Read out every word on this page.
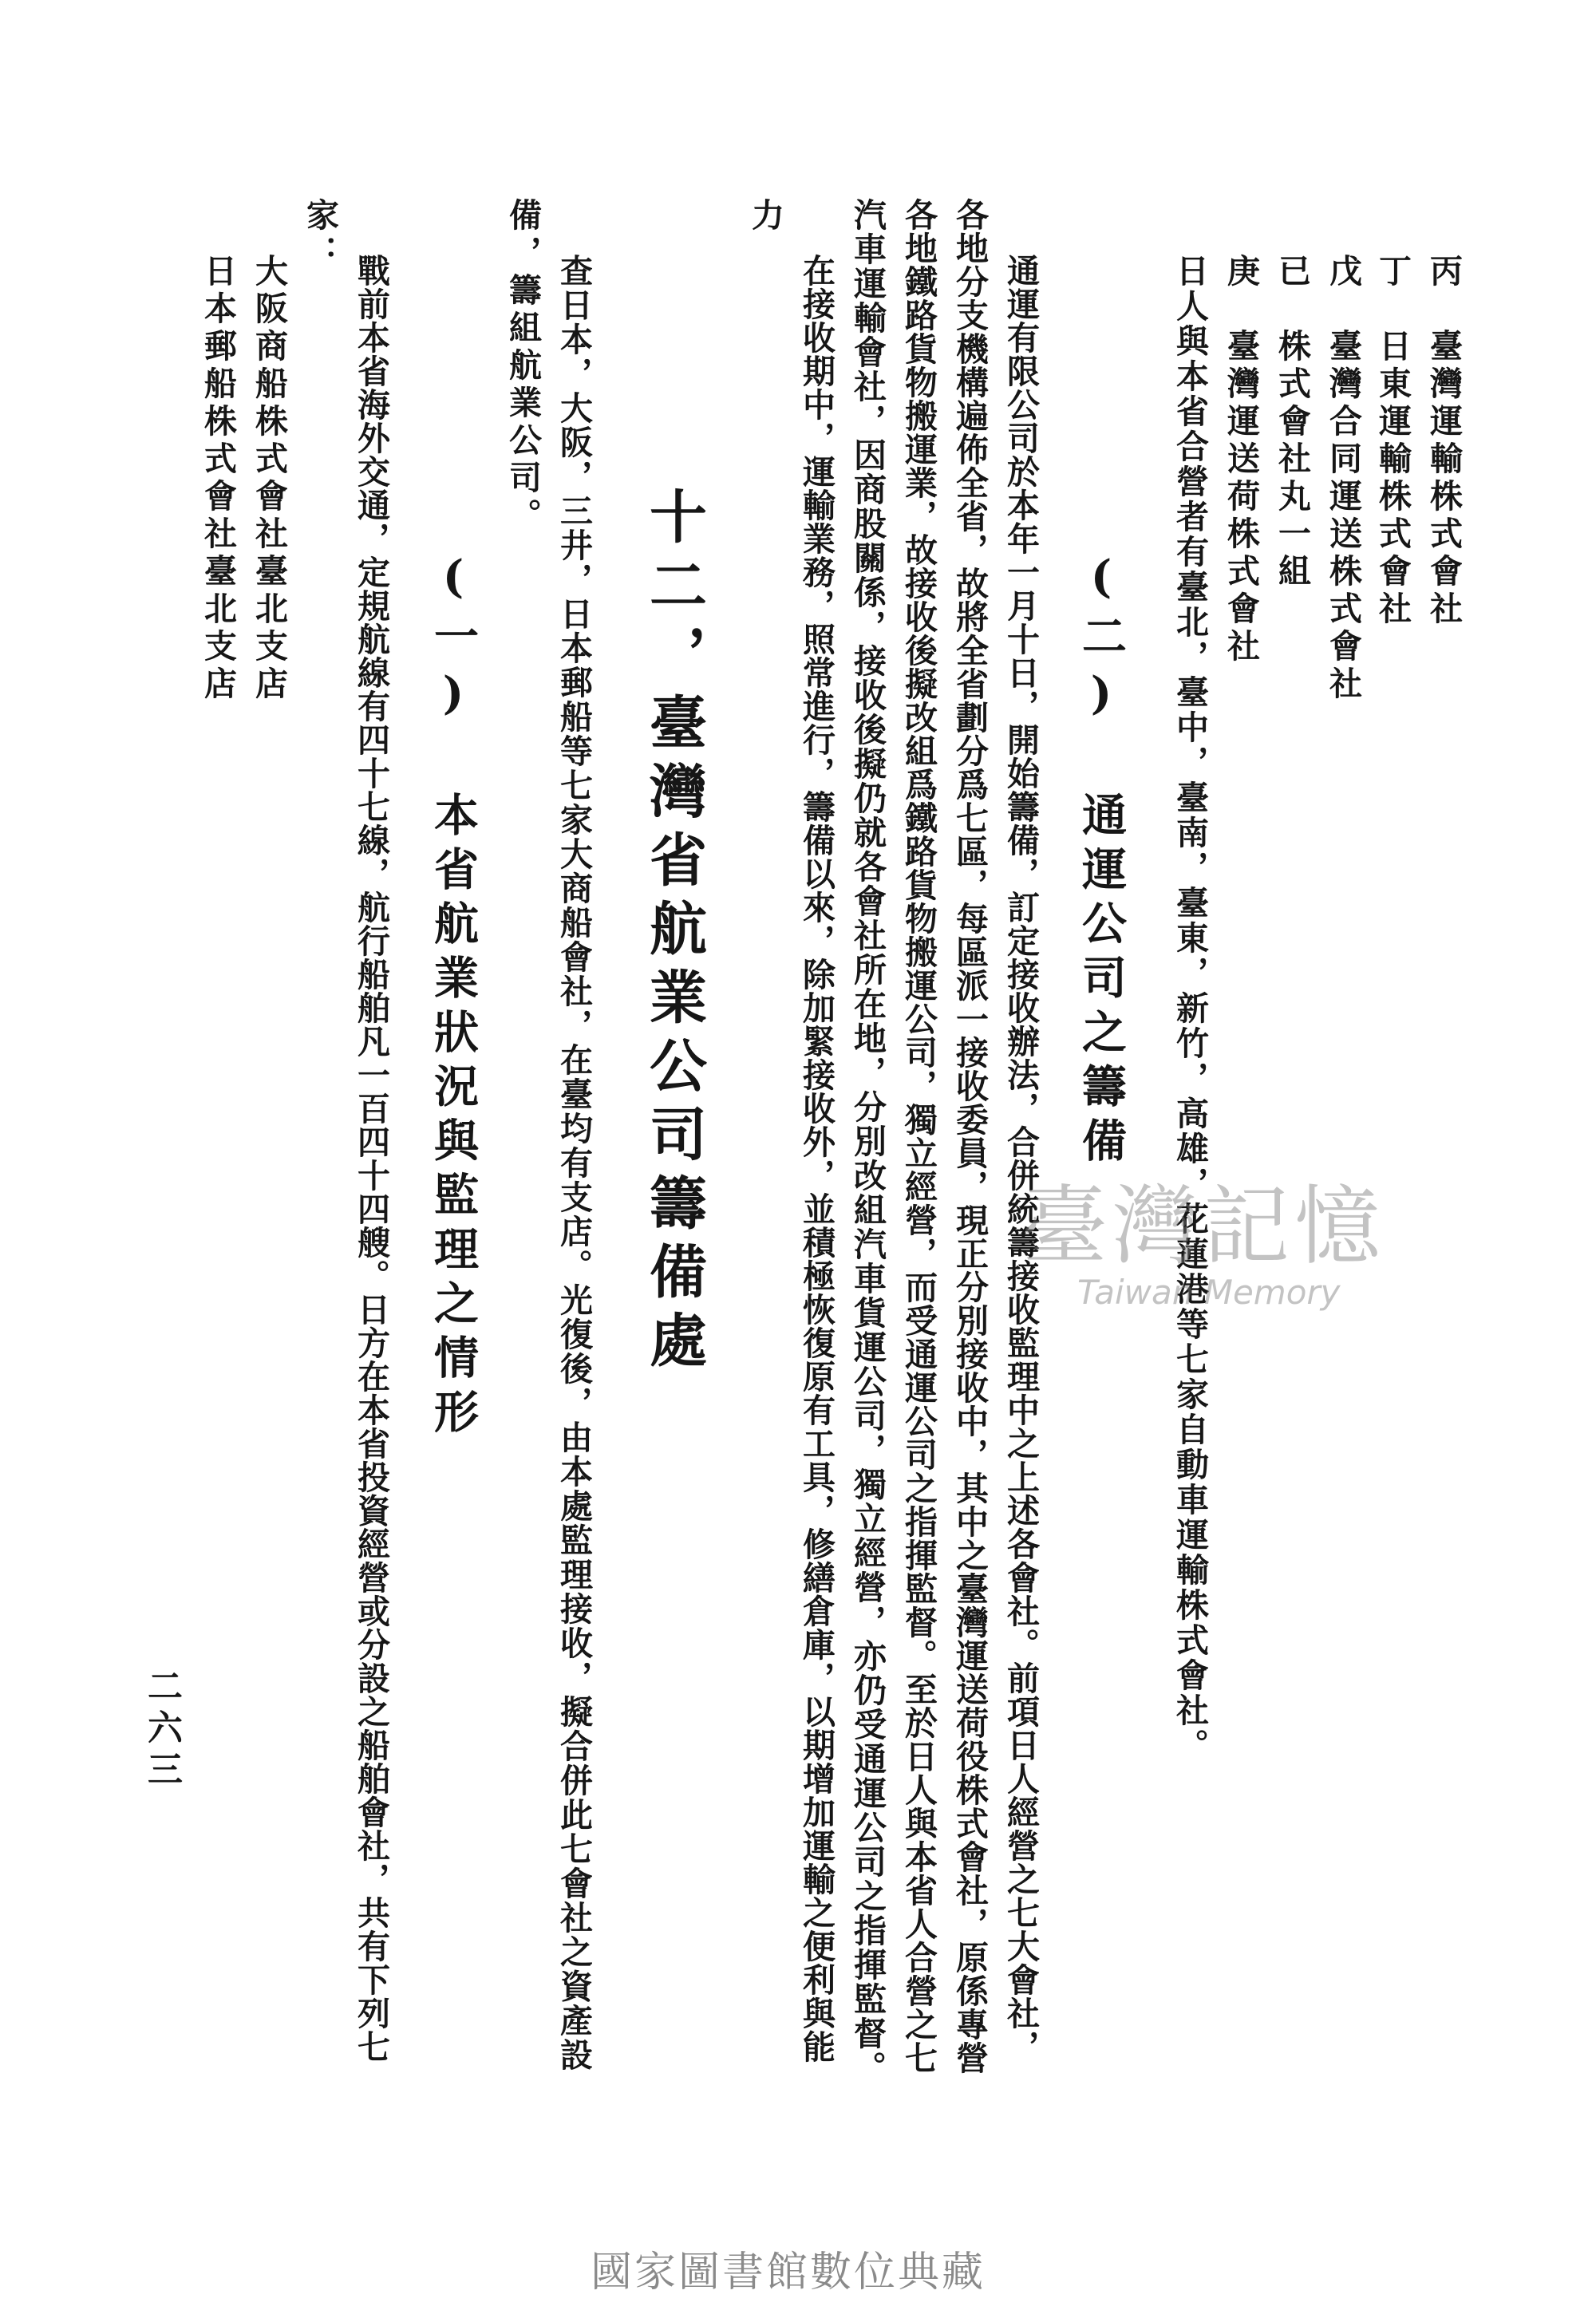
丙　臺灣運輸株式會社
丁　日東運輸株式會社
戊　臺灣合同運送株式會社
已　株式會社丸一組
庚　臺灣運送荷株式會社
日人與本省合營者有臺北，臺中，臺南，臺東，新竹，高雄，花蓮港等七家自動車運輸株式會社。
(二) 通運公司之籌備
通運有限公司於本年一月十日，開始籌備，訂定接收辦法，合併統籌接收監理中之上述各會社。前項日人經營之七大會社，
各地分支機構遍佈全省，故將全省劃分爲七區，每區派一接收委員，現正分別接收中，其中之臺灣運送荷役株式會社，原係專營
各地鐵路貨物搬運業，故接收後擬改組爲鐵路貨物搬運公司，獨立經營，而受通運公司之指揮監督。至於日人與本省人合營之七
汽車運輸會社，因商股關係，接收後擬仍就各會社所在地，分別改組汽車貨運公司，獨立經營，亦仍受通運公司之指揮監督。
在接收期中，運輸業務，照常進行，籌備以來，除加緊接收外，並積極恢復原有工具，修繕倉庫，以期增加運輸之便利與能
力
十二，臺灣省航業公司籌備處
查日本，大阪，三井，日本郵船等七家大商船會社，在臺均有支店。光復後，由本處監理接收，擬合併此七會社之資產設
備，籌組航業公司。
(一) 本省航業狀況與監理之情形
戰前本省海外交通，定規航線有四十七線，航行船舶凡一百四十四艘。日方在本省投資經營或分設之船舶會社，共有下列七
家：
大阪商船株式會社臺北支店
日本郵船株式會社臺北支店
二六三
臺灣記憶
Taiwan Memory
國家圖書館數位典藏
